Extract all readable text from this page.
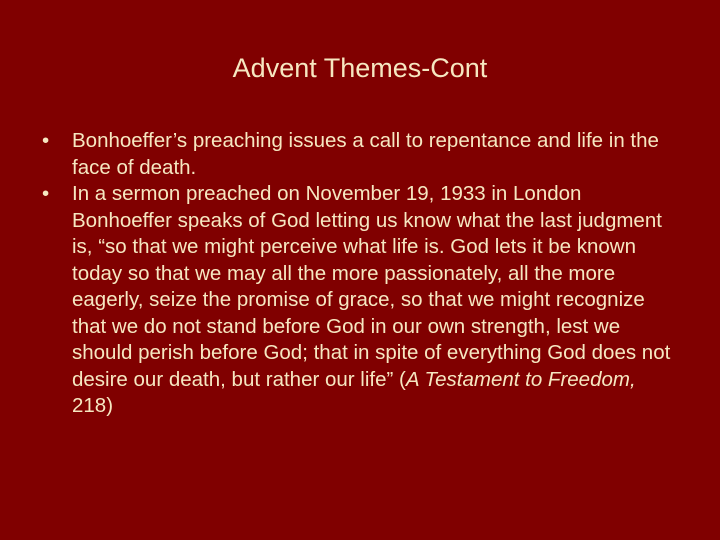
Advent Themes-Cont
• Bonhoeffer’s preaching issues a call to repentance and life in the face of death.
• In a sermon preached on November 19, 1933 in London Bonhoeffer speaks of God letting us know what the last judgment is, “so that we might perceive what life is. God lets it be known today so that we may all the more passionately, all the more eagerly, seize the promise of grace, so that we might recognize that we do not stand before God in our own strength, lest we should perish before God; that in spite of everything God does not desire our death, but rather our life” (A Testament to Freedom, 218)
